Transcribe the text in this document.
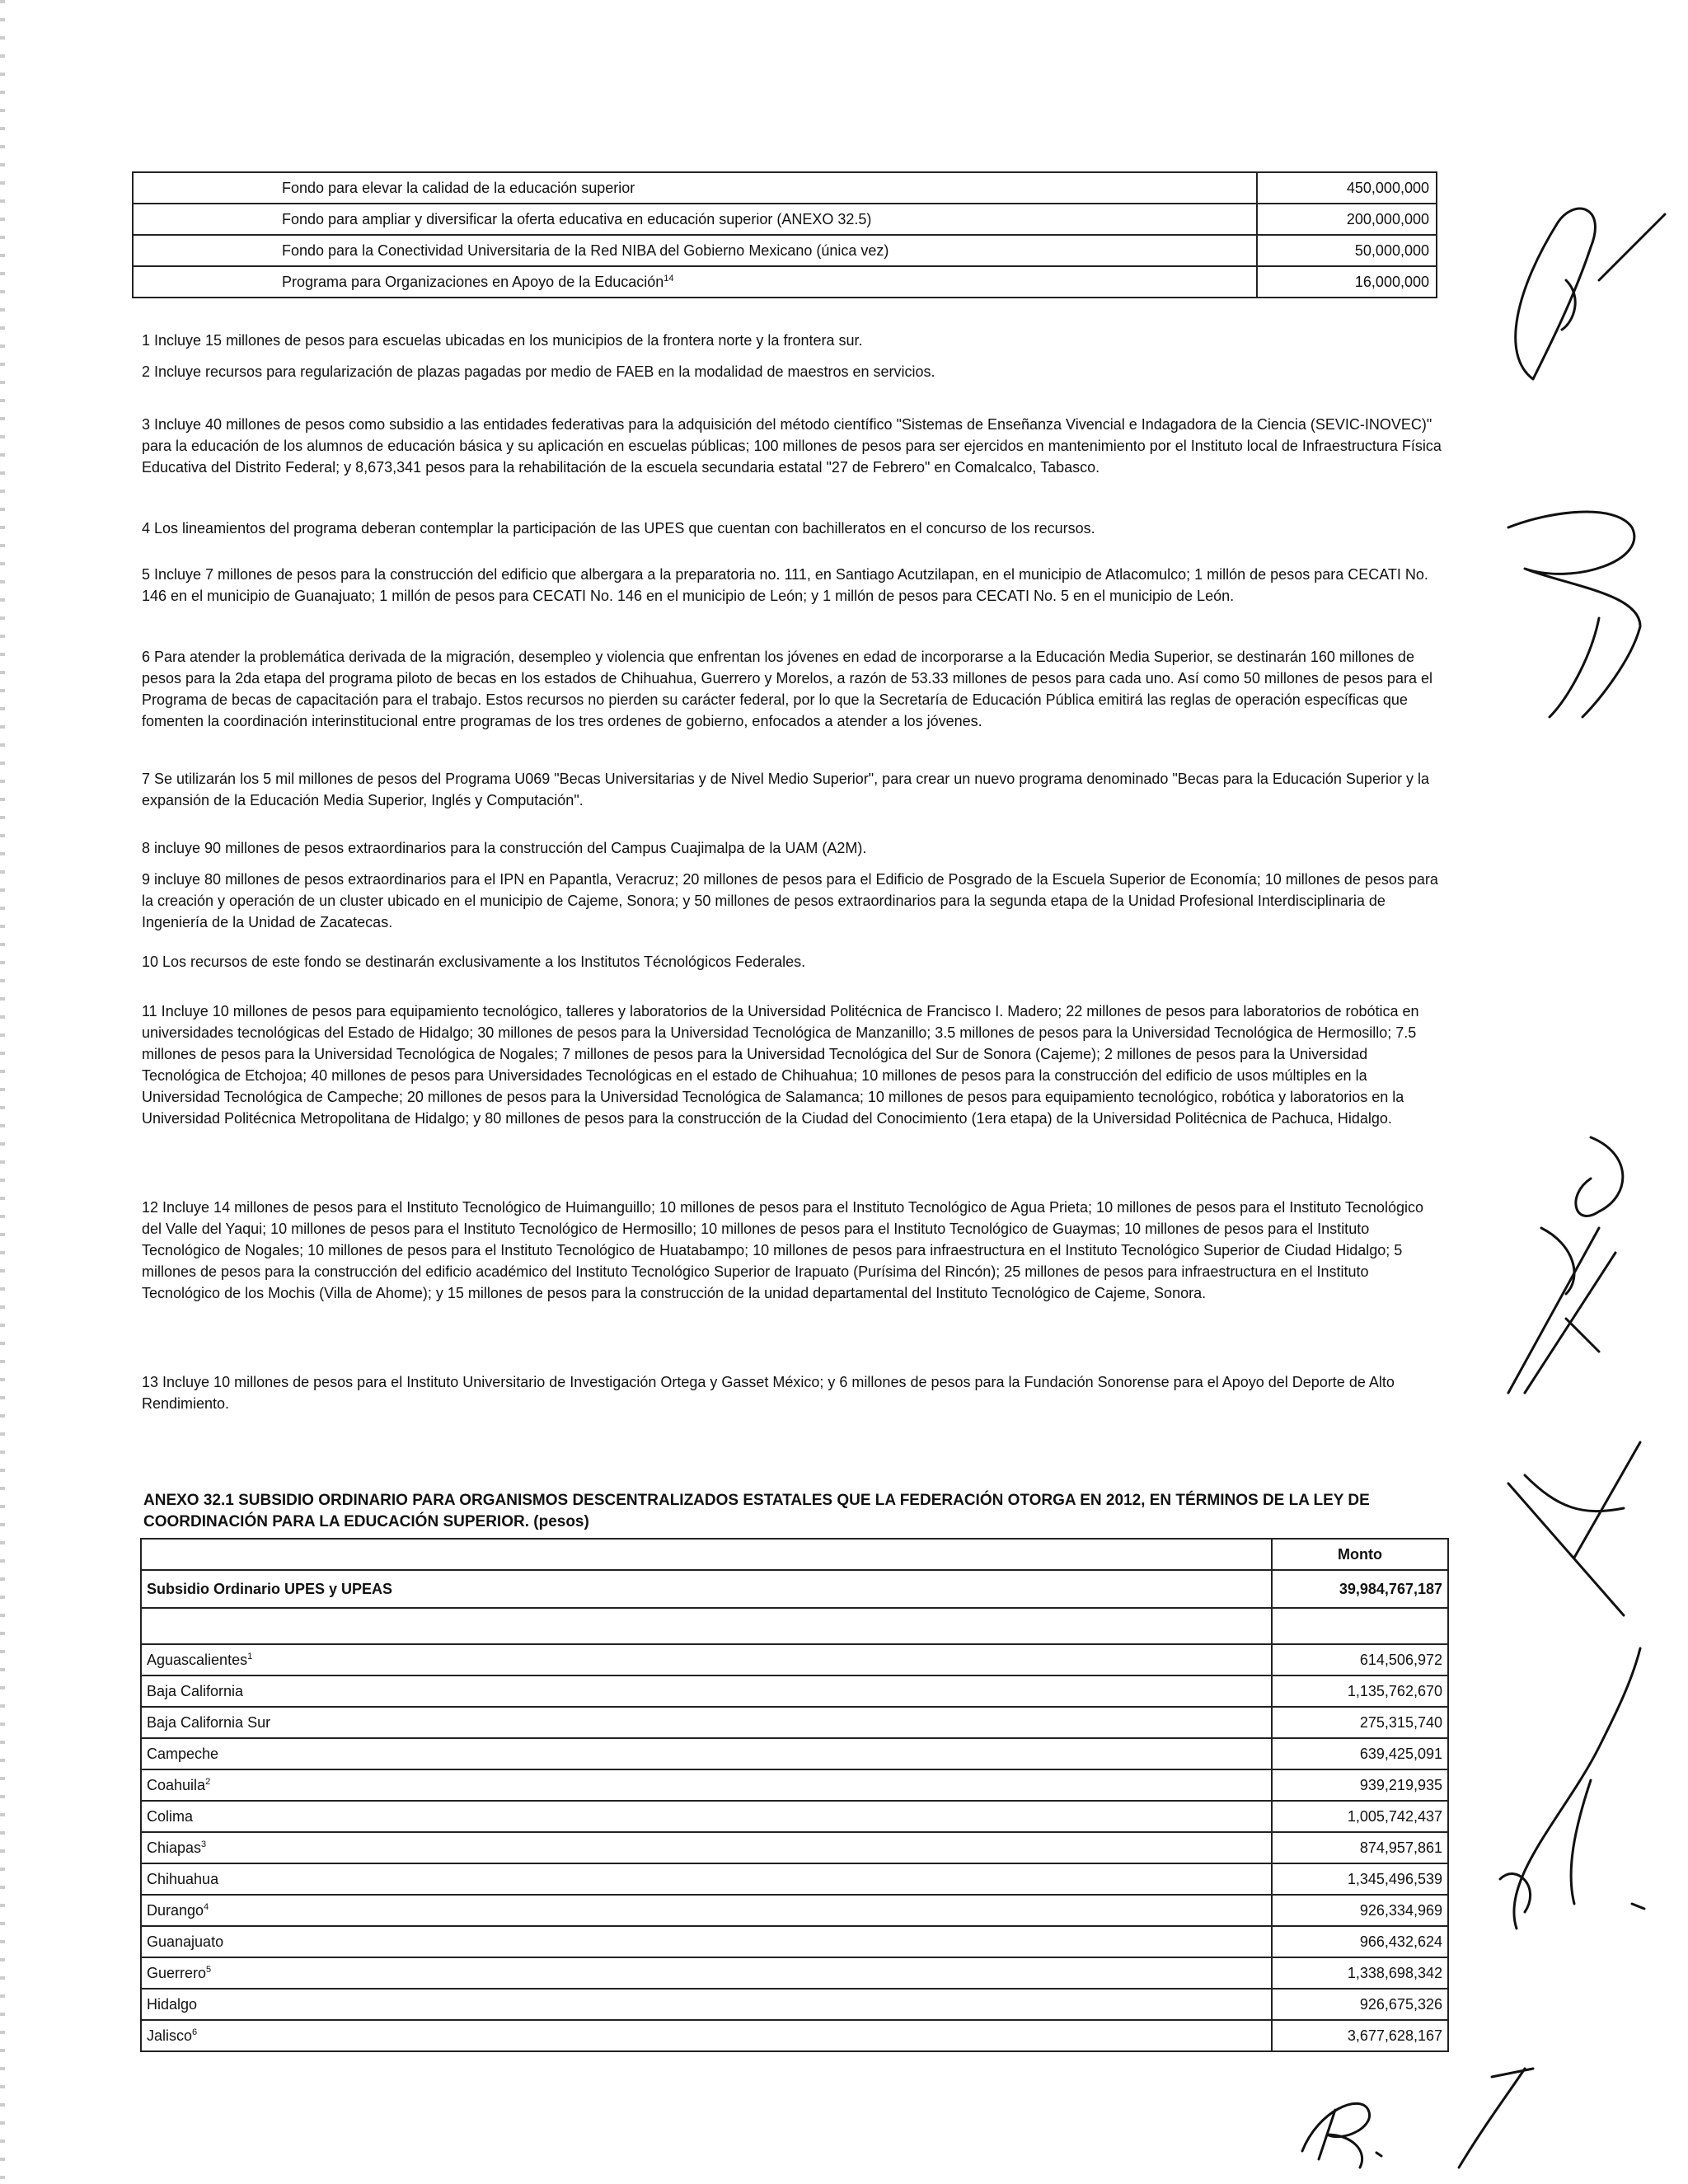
Fondo para elevar la calidad de la educación superior	450,000,000
Fondo para ampliar y diversificar la oferta educativa en educación superior (ANEXO 32.5)	200,000,000
Fondo para la Conectividad Universitaria de la Red NIBA del Gobierno Mexicano (única vez)	50,000,000
Programa para Organizaciones en Apoyo de la Educación$^{14}$	16,000,000

1 Incluye 15 millones de pesos para escuelas ubicadas en los municipios de la frontera norte y la frontera sur.

2 Incluye recursos para regularización de plazas pagadas por medio de FAEB en la modalidad de maestros en servicios.

3 Incluye 40 millones de pesos como subsidio a las entidades federativas para la adquisición del método científico "Sistemas de Enseñanza Vivencial e Indagadora de la Ciencia (SEVIC-INOVEC)" para la educación de los alumnos de educación básica y su aplicación en escuelas públicas; 100 millones de pesos para ser ejercidos en mantenimiento por el Instituto local de Infraestructura Física Educativa del Distrito Federal; y 8,673,341 pesos para la rehabilitación de la escuela secundaria estatal "27 de Febrero" en Comalcalco, Tabasco.

4 Los lineamientos del programa deberan contemplar la participación de las UPES que cuentan con bachilleratos en el concurso de los recursos.

5 Incluye 7 millones de pesos para la construcción del edificio que albergara a la preparatoria no. 111, en Santiago Acutzilapan, en el municipio de Atlacomulco; 1 millón de pesos para CECATI No. 146 en el municipio de Guanajuato; 1 millón de pesos para CECATI No. 146 en el municipio de León; y 1 millón de pesos para CECATI No. 5 en el municipio de León.

6 Para atender la problemática derivada de la migración, desempleo y violencia que enfrentan los jóvenes en edad de incorporarse a la Educación Media Superior, se destinarán 160 millones de pesos para la 2da etapa del programa piloto de becas en los estados de Chihuahua, Guerrero y Morelos, a razón de 53.33 millones de pesos para cada uno. Así como 50 millones de pesos para el Programa de becas de capacitación para el trabajo. Estos recursos no pierden su carácter federal, por lo que la Secretaría de Educación Pública emitirá las reglas de operación específicas que fomenten la coordinación interinstitucional entre programas de los tres ordenes de gobierno, enfocados a atender a los jóvenes.

7 Se utilizarán los 5 mil millones de pesos del Programa U069 "Becas Universitarias y de Nivel Medio Superior", para crear un nuevo programa denominado "Becas para la Educación Superior y la expansión de la Educación Media Superior, Inglés y Computación".

8 incluye 90 millones de pesos extraordinarios para la construcción del Campus Cuajimalpa de la UAM (A2M).

9 incluye 80 millones de pesos extraordinarios para el IPN en Papantla, Veracruz; 20 millones de pesos para el Edificio de Posgrado de la Escuela Superior de Economía; 10 millones de pesos para la creación y operación de un cluster ubicado en el municipio de Cajeme, Sonora; y 50 millones de pesos extraordinarios para la segunda etapa de la Unidad Profesional Interdisciplinaria de Ingeniería de la Unidad de Zacatecas.

10 Los recursos de este fondo se destinarán exclusivamente a los Institutos Técnológicos Federales.

11 Incluye 10 millones de pesos para equipamiento tecnológico, talleres y laboratorios de la Universidad Politécnica de Francisco I. Madero; 22 millones de pesos para laboratorios de robótica en universidades tecnológicas del Estado de Hidalgo; 30 millones de pesos para la Universidad Tecnológica de Manzanillo; 3.5 millones de pesos para la Universidad Tecnológica de Hermosillo; 7.5 millones de pesos para la Universidad Tecnológica de Nogales; 7 millones de pesos para la Universidad Tecnológica del Sur de Sonora (Cajeme); 2 millones de pesos para la Universidad Tecnológica de Etchojoa; 40 millones de pesos para Universidades Tecnológicas en el estado de Chihuahua; 10 millones de pesos para la construcción del edificio de usos múltiples en la Universidad Tecnológica de Campeche; 20 millones de pesos para la Universidad Tecnológica de Salamanca; 10 millones de pesos para equipamiento tecnológico, robótica y laboratorios en la Universidad Politécnica Metropolitana de Hidalgo; y 80 millones de pesos para la construcción de la Ciudad del Conocimiento (1era etapa) de la Universidad Politécnica de Pachuca, Hidalgo.

12 Incluye 14 millones de pesos para el Instituto Tecnológico de Huimanguillo; 10 millones de pesos para el Instituto Tecnológico de Agua Prieta; 10 millones de pesos para el Instituto Tecnológico del Valle del Yaqui; 10 millones de pesos para el Instituto Tecnológico de Hermosillo; 10 millones de pesos para el Instituto Tecnológico de Guaymas; 10 millones de pesos para el Instituto Tecnológico de Nogales; 10 millones de pesos para el Instituto Tecnológico de Huatabampo; 10 millones de pesos para infraestructura en el Instituto Tecnológico Superior de Ciudad Hidalgo; 5 millones de pesos para la construcción del edificio académico del Instituto Tecnológico Superior de Irapuato (Purísima del Rincón); 25 millones de pesos para infraestructura en el Instituto Tecnológico de los Mochis (Villa de Ahome); y 15 millones de pesos para la construcción de la unidad departamental del Instituto Tecnológico de Cajeme, Sonora.

13 Incluye 10 millones de pesos para el Instituto Universitario de Investigación Ortega y Gasset México; y 6 millones de pesos para la Fundación Sonorense para el Apoyo del Deporte de Alto Rendimiento.

ANEXO 32.1 SUBSIDIO ORDINARIO PARA ORGANISMOS DESCENTRALIZADOS ESTATALES QUE LA FEDERACIÓN OTORGA EN 2012, EN TÉRMINOS DE LA LEY DE COORDINACIÓN PARA LA EDUCACIÓN SUPERIOR. (pesos)
	Monto
Subsidio Ordinario UPES y UPEAS	39,984,767,187

Aguascalientes$^1$	614,506,972
Baja California	1,135,762,670
Baja California Sur	275,315,740
Campeche	639,425,091
Coahuila$^2$	939,219,935
Colima	1,005,742,437
Chiapas$^3$	874,957,861
Chihuahua	1,345,496,539
Durango$^4$	926,334,969
Guanajuato	966,432,624
Guerrero$^5$	1,338,698,342
Hidalgo	926,675,326
Jalisco$^6$	3,677,628,167
